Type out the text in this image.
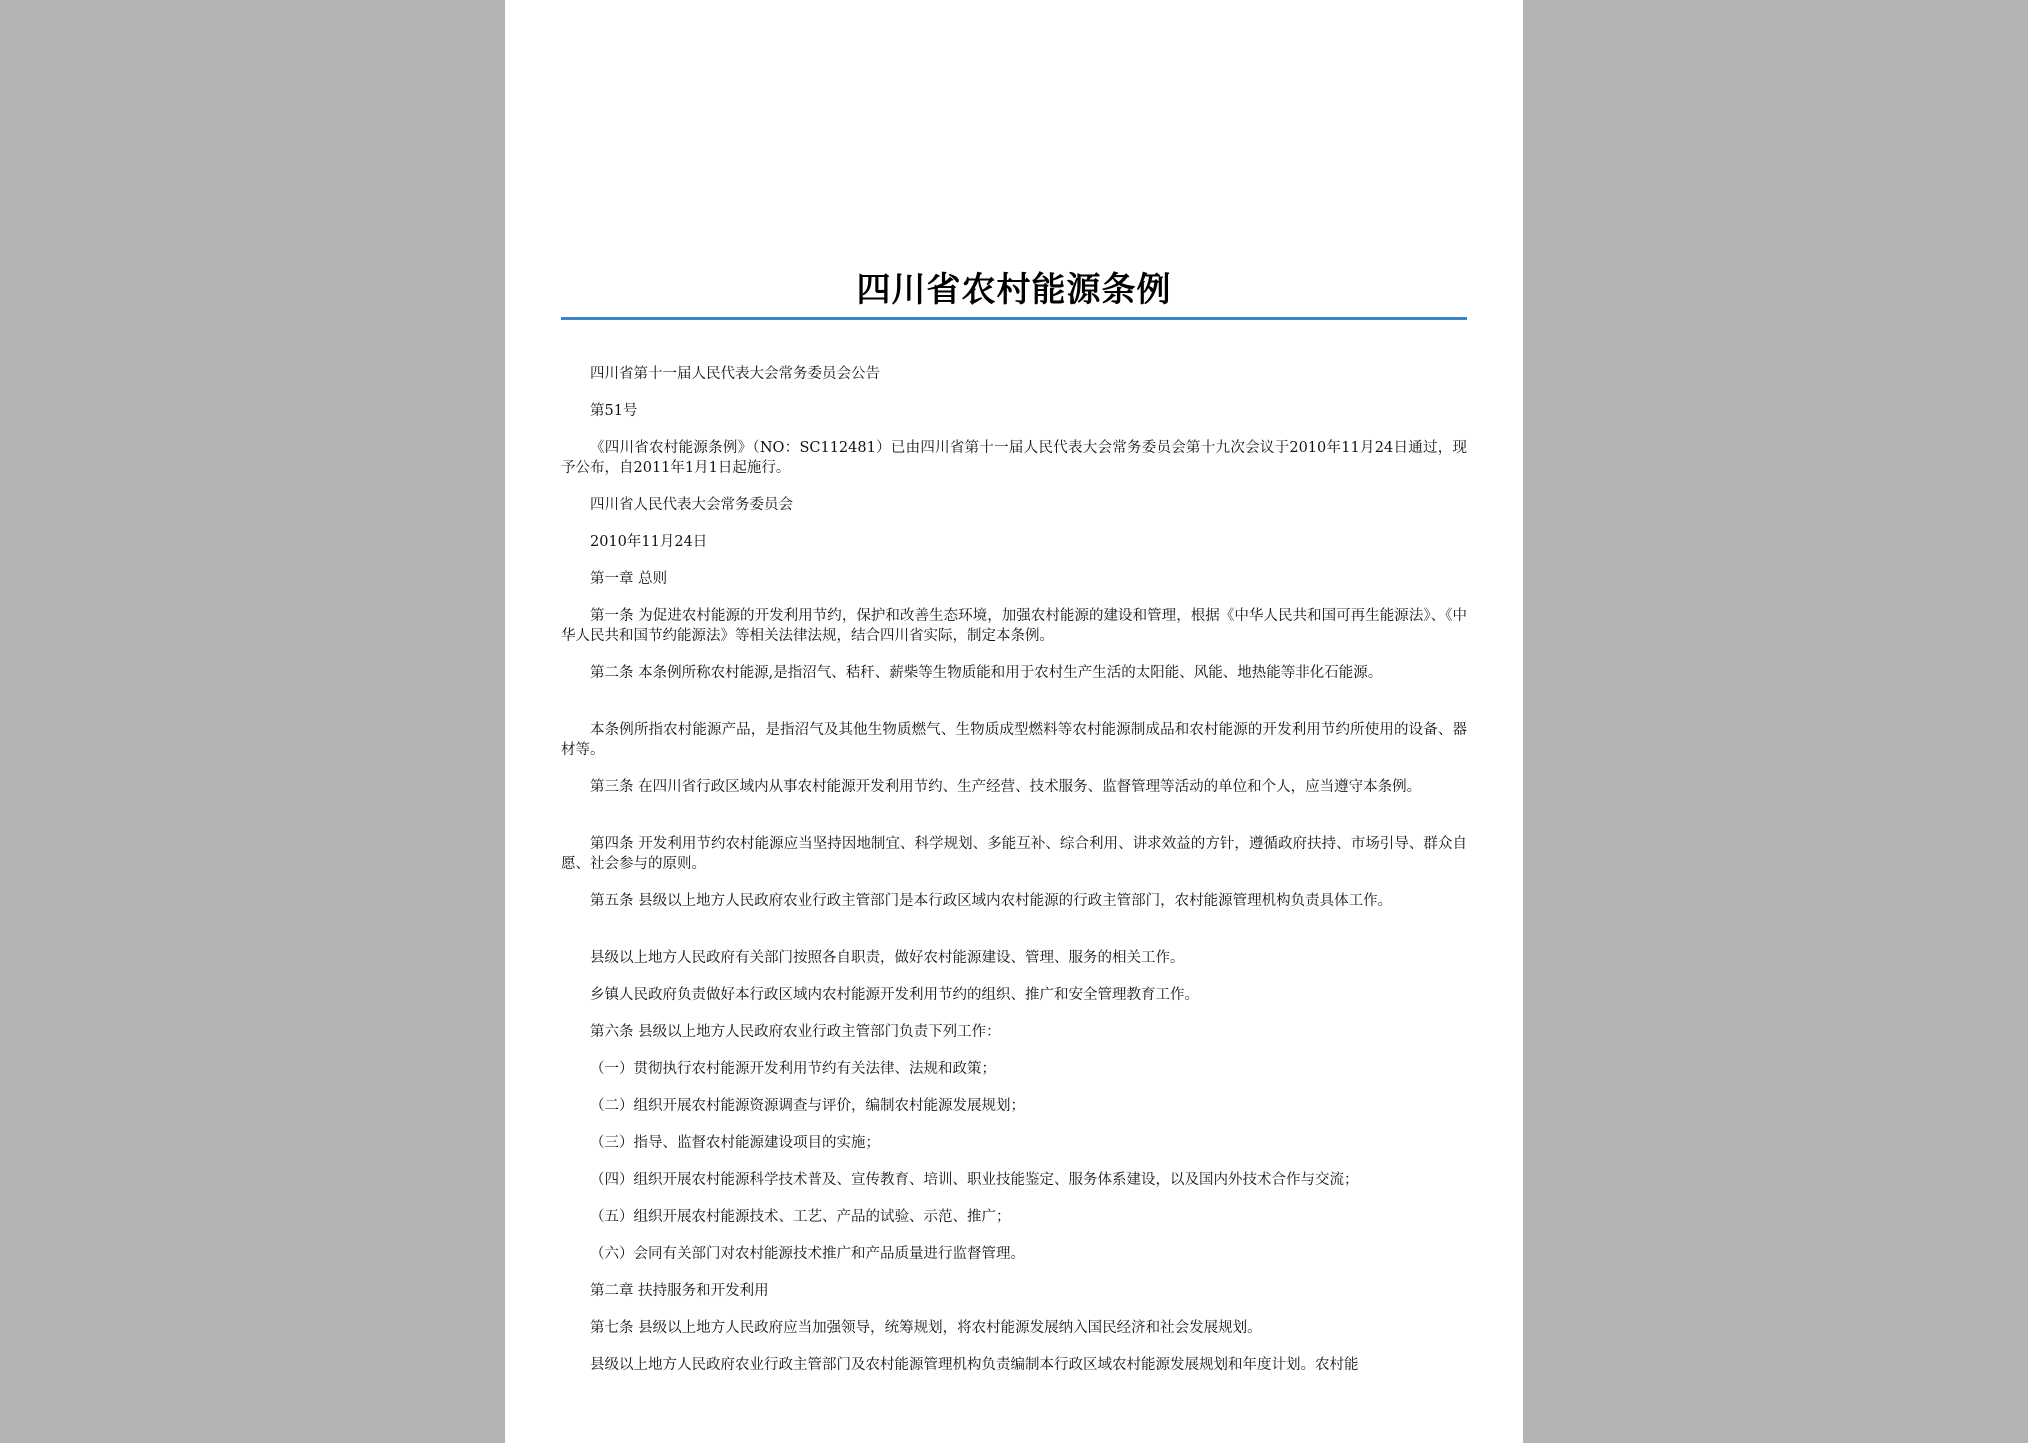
四川省农村能源条例

四川省第十一届人民代表大会常务委员会公告

第51号

《四川省农村能源条例》（NO：SC112481）已由四川省第十一届人民代表大会常务委员会第十九次会议于2010年11月24日通过，现予公布，自2011年1月1日起施行。

四川省人民代表大会常务委员会

2010年11月24日

第一章 总则

第一条 为促进农村能源的开发利用节约，保护和改善生态环境，加强农村能源的建设和管理，根据《中华人民共和国可再生能源法》、《中华人民共和国节约能源法》等相关法律法规，结合四川省实际，制定本条例。

第二条 本条例所称农村能源,是指沼气、秸秆、薪柴等生物质能和用于农村生产生活的太阳能、风能、地热能等非化石能源。

本条例所指农村能源产品，是指沼气及其他生物质燃气、生物质成型燃料等农村能源制成品和农村能源的开发利用节约所使用的设备、器材等。

第三条 在四川省行政区域内从事农村能源开发利用节约、生产经营、技术服务、监督管理等活动的单位和个人，应当遵守本条例。

第四条 开发利用节约农村能源应当坚持因地制宜、科学规划、多能互补、综合利用、讲求效益的方针，遵循政府扶持、市场引导、群众自愿、社会参与的原则。

第五条 县级以上地方人民政府农业行政主管部门是本行政区域内农村能源的行政主管部门，农村能源管理机构负责具体工作。

县级以上地方人民政府有关部门按照各自职责，做好农村能源建设、管理、服务的相关工作。

乡镇人民政府负责做好本行政区域内农村能源开发利用节约的组织、推广和安全管理教育工作。

第六条 县级以上地方人民政府农业行政主管部门负责下列工作：

（一）贯彻执行农村能源开发利用节约有关法律、法规和政策；

（二）组织开展农村能源资源调查与评价，编制农村能源发展规划；

（三）指导、监督农村能源建设项目的实施；

（四）组织开展农村能源科学技术普及、宣传教育、培训、职业技能鉴定、服务体系建设，以及国内外技术合作与交流；

（五）组织开展农村能源技术、工艺、产品的试验、示范、推广；

（六）会同有关部门对农村能源技术推广和产品质量进行监督管理。

第二章 扶持服务和开发利用

第七条 县级以上地方人民政府应当加强领导，统筹规划，将农村能源发展纳入国民经济和社会发展规划。

县级以上地方人民政府农业行政主管部门及农村能源管理机构负责编制本行政区域农村能源发展规划和年度计划。农村能
